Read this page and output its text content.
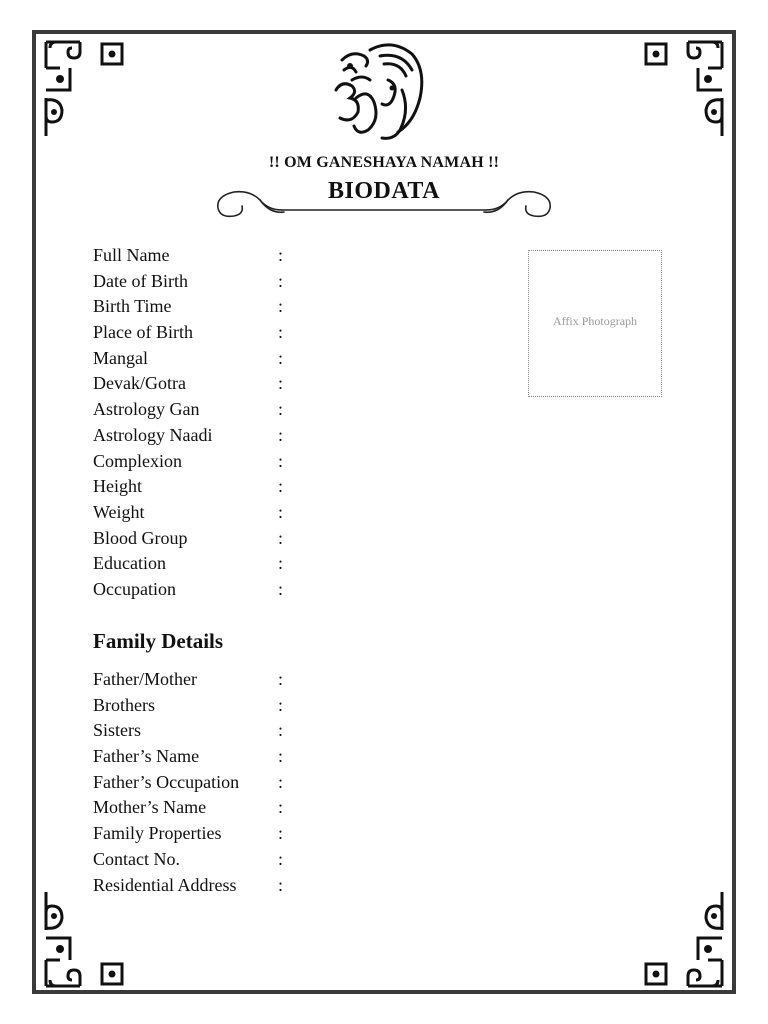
!! OM GANESHAYA NAMAH !!
BIODATA
Affix Photograph
Full Name	:
Date of Birth	:
Birth Time	:
Place of Birth	:
Mangal	:
Devak/Gotra	:
Astrology Gan	:
Astrology Naadi	:
Complexion	:
Height	:
Weight	:
Blood Group	:
Education	:
Occupation	:
Family Details
Father/Mother	:
Brothers	:
Sisters	:
Father’s Name	:
Father’s Occupation :
Mother’s Name	:
Family Properties	:
Contact No.	:
Residential Address :
